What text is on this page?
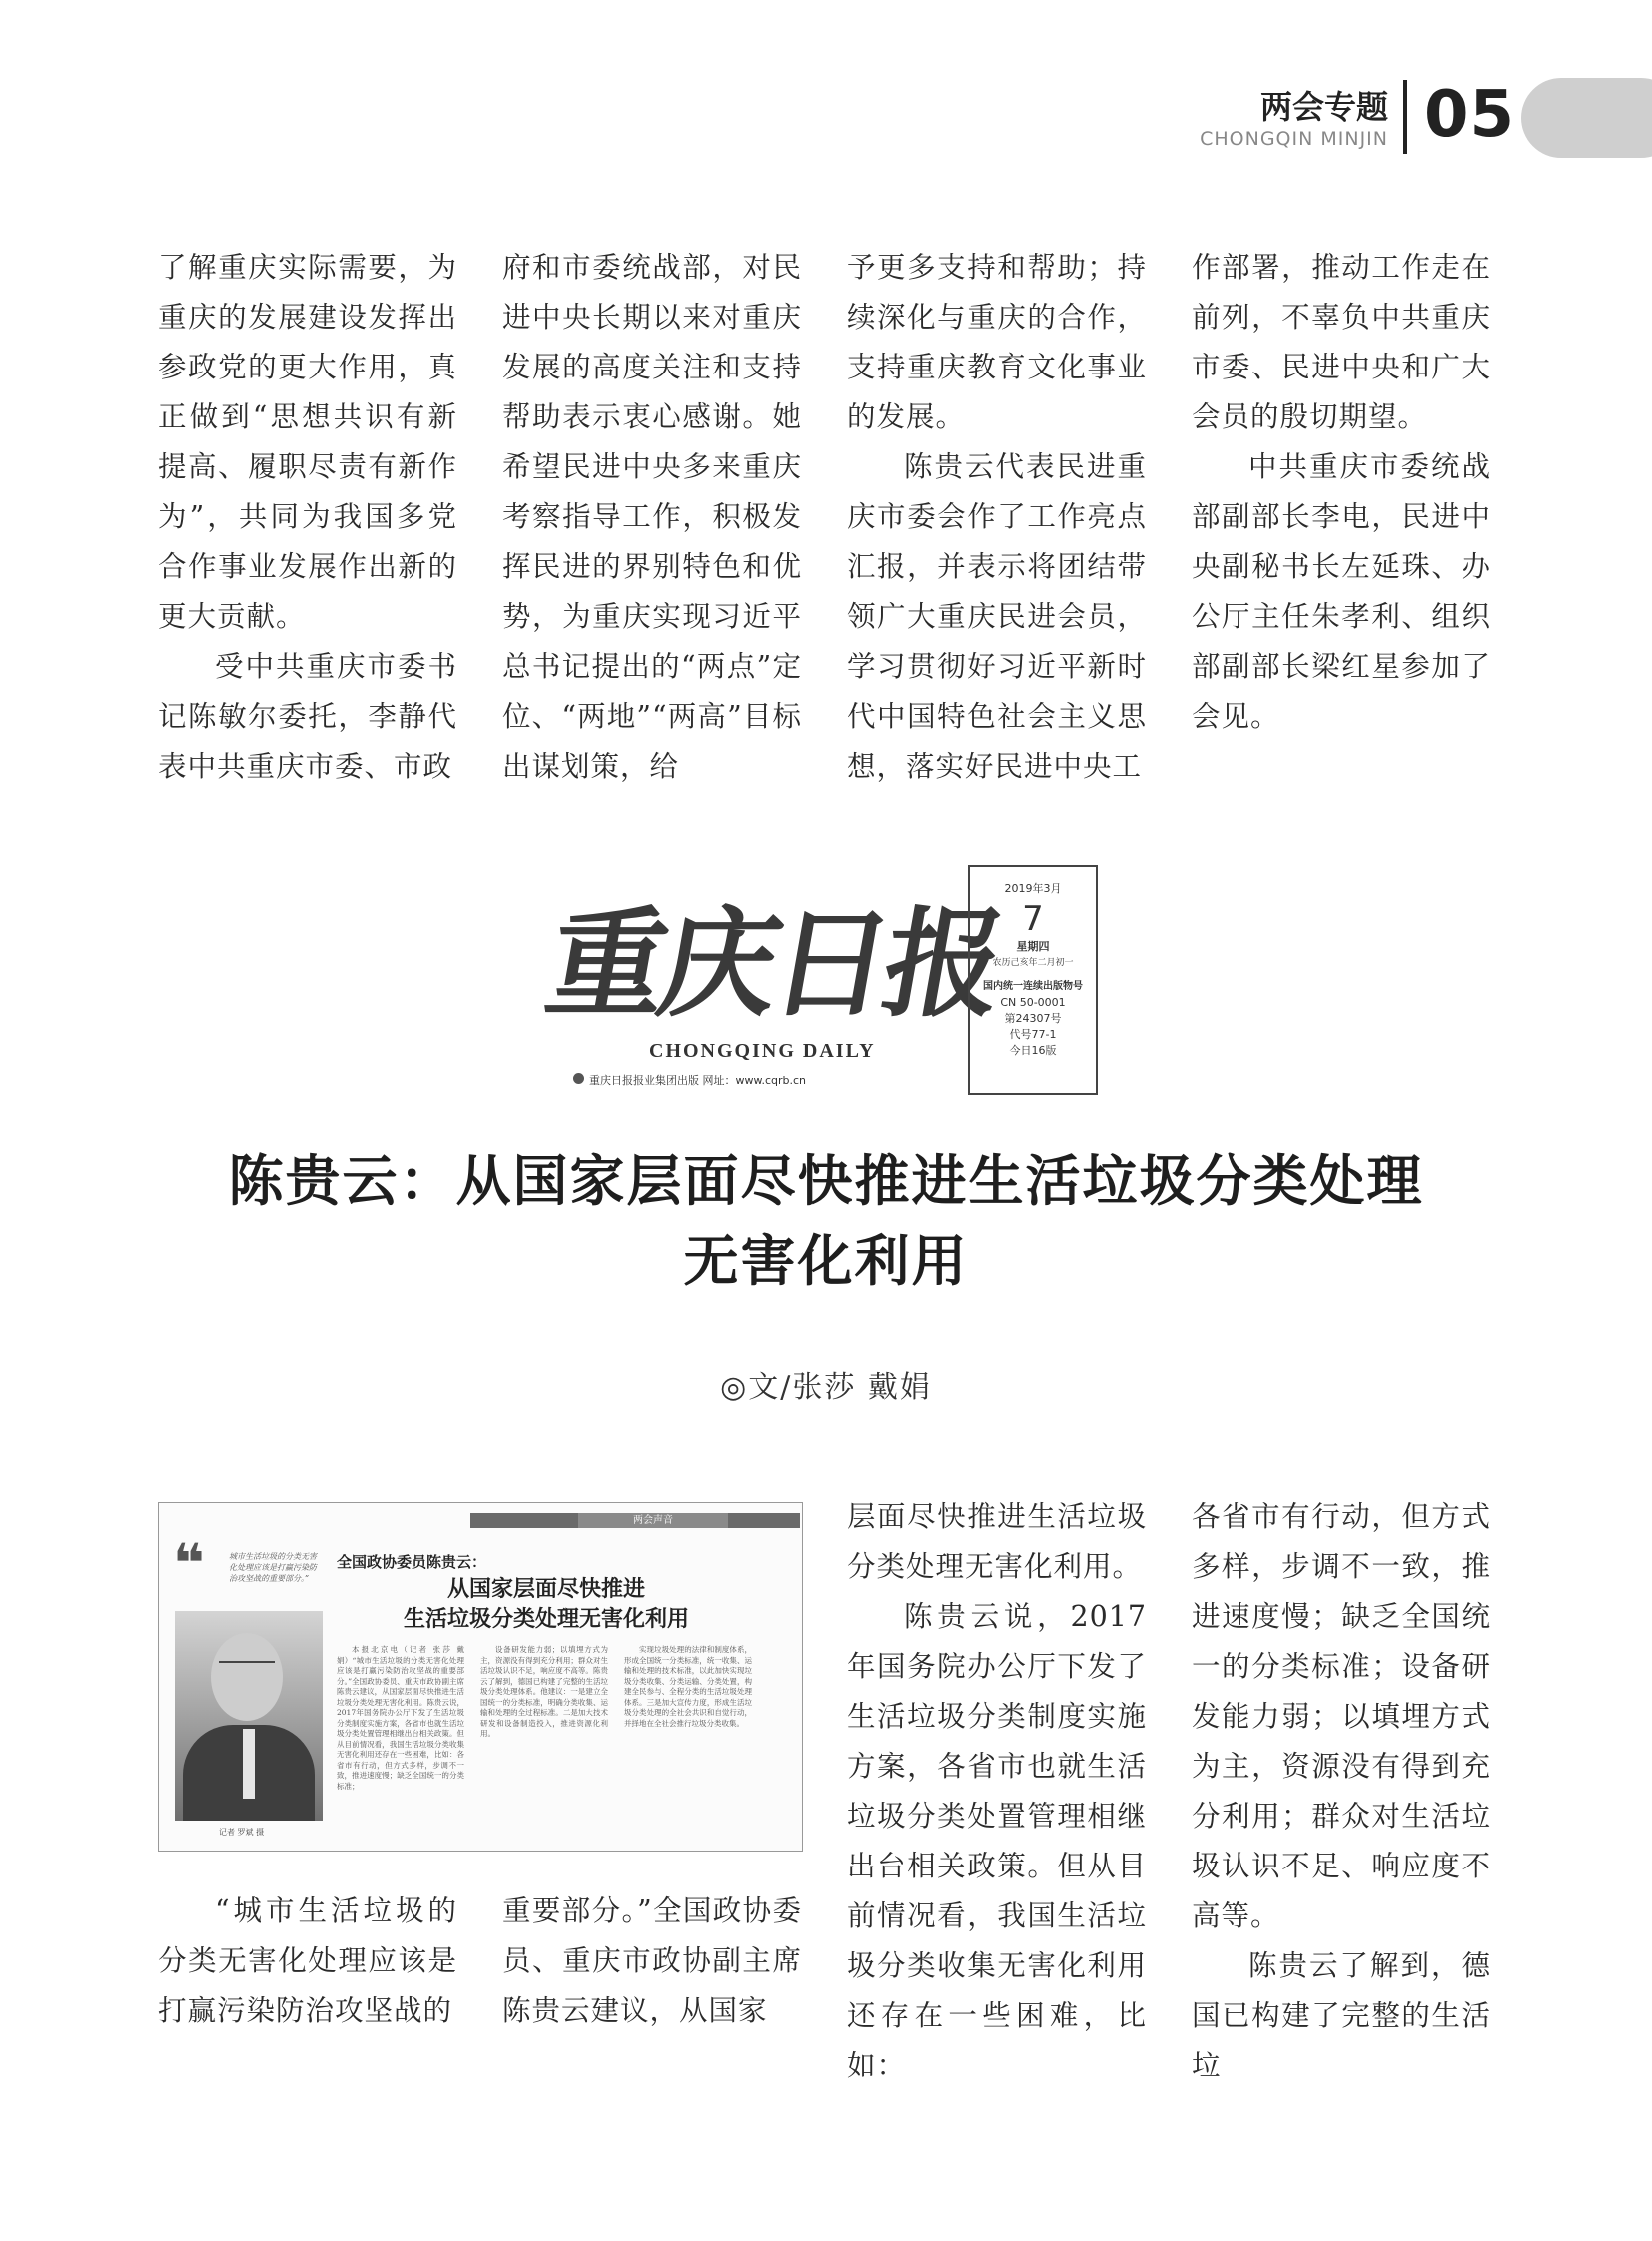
两会专题
CHONGQIN MINJIN 05

了解重庆实际需要，为重庆的发展建设发挥出参政党的更大作用，真正做到“思想共识有新提高、履职尽责有新作为”，共同为我国多党合作事业发展作出新的更大贡献。

受中共重庆市委书记陈敏尔委托，李静代表中共重庆市委、市政

府和市委统战部，对民进中央长期以来对重庆发展的高度关注和支持帮助表示衷心感谢。她希望民进中央多来重庆考察指导工作，积极发挥民进的界别特色和优势，为重庆实现习近平总书记提出的“两点”定位、“两地”“两高”目标出谋划策，给

予更多支持和帮助；持续深化与重庆的合作，支持重庆教育文化事业的发展。

陈贵云代表民进重庆市委会作了工作亮点汇报，并表示将团结带领广大重庆民进会员，学习贯彻好习近平新时代中国特色社会主义思想，落实好民进中央工

作部署，推动工作走在前列，不辜负中共重庆市委、民进中央和广大会员的殷切期望。

中共重庆市委统战部副部长李电，民进中央副秘书长左延珠、办公厅主任朱孝利、组织部副部长梁红星参加了会见。

重庆日报
CHONGQING DAILY
重庆日报报业集团出版 网址：www.cqrb.cn
2019年3月
7
星期四
农历己亥年二月初一
国内统一连续出版物号
CN 50-0001
第24307号
代号77-1
今日16版
陈贵云：从国家层面尽快推进生活垃圾分类处理
无害化利用
◎文/张莎 戴娟
两会声音
❝	城市生活垃圾的分类无害化处理应该是打赢污染防治攻坚战的重要部分。”
全国政协委员陈贵云：
从国家层面尽快推进
生活垃圾分类处理无害化利用
记者 罗斌 摄

本报北京电（记者 张莎 戴娟）“城市生活垃圾的分类无害化处理应该是打赢污染防治攻坚战的重要部分。”全国政协委员、重庆市政协副主席陈贵云建议，从国家层面尽快推进生活垃圾分类处理无害化利用。陈贵云说，2017年国务院办公厅下发了生活垃圾分类制度实施方案，各省市也就生活垃圾分类处置管理相继出台相关政策。但从目前情况看，我国生活垃圾分类收集无害化利用还存在一些困难，比如：各省市有行动，但方式多样，步调不一致，推进速度慢；缺乏全国统一的分类标准；

设备研发能力弱；以填埋方式为主，资源没有得到充分利用；群众对生活垃圾认识不足，响应度不高等。陈贵云了解到，德国已构建了完整的生活垃圾分类处理体系。他建议：一是建立全国统一的分类标准，明确分类收集、运输和处理的全过程标准。二是加大技术研发和设备制造投入，推进资源化利用。

实现垃圾处理的法律和制度体系，形成全国统一分类标准，统一收集、运输和处理的技术标准，以此加快实现垃圾分类收集、分类运输、分类处置，构建全民参与、全程分类的生活垃圾处理体系。三是加大宣传力度，形成生活垃圾分类处理的全社会共识和自觉行动，并择地在全社会推行垃圾分类收集。

“城市生活垃圾的分类无害化处理应该是打赢污染防治攻坚战的

重要部分。”全国政协委员、重庆市政协副主席陈贵云建议，从国家

层面尽快推进生活垃圾分类处理无害化利用。

陈贵云说，2017年国务院办公厅下发了生活垃圾分类制度实施方案，各省市也就生活垃圾分类处置管理相继出台相关政策。但从目前情况看，我国生活垃圾分类收集无害化利用还存在一些困难，比如：

各省市有行动，但方式多样，步调不一致，推进速度慢；缺乏全国统一的分类标准；设备研发能力弱；以填埋方式为主，资源没有得到充分利用；群众对生活垃圾认识不足、响应度不高等。

陈贵云了解到，德国已构建了完整的生活垃
